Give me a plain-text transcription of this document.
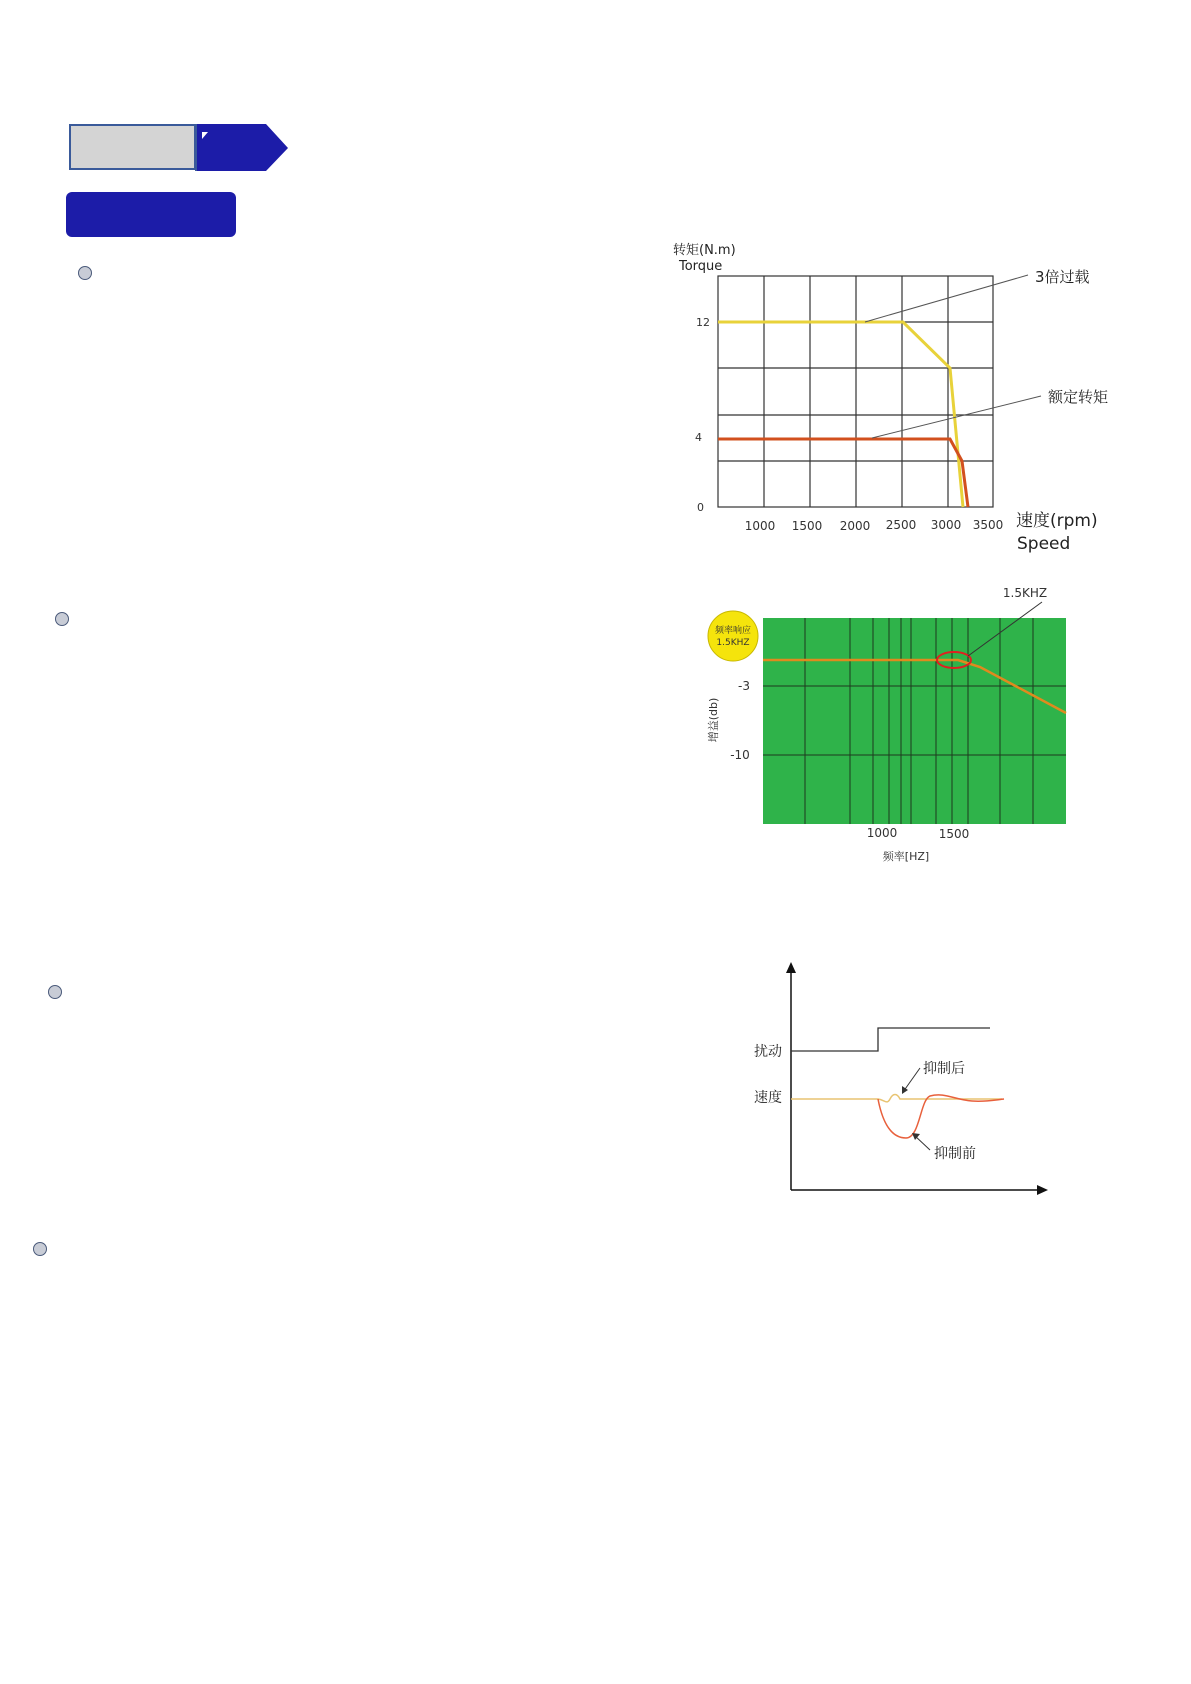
转矩(N.m)
Torque
12
4
0
1000 1500 2000 2500 3000 3500
3倍过载
额定转矩
速度(rpm)
Speed
频率响应
1.5KHZ
1.5KHZ
-3
-10
增益(db)
1000	1500
频率[HZ]
扰动
速度
抑制后
抑制前
